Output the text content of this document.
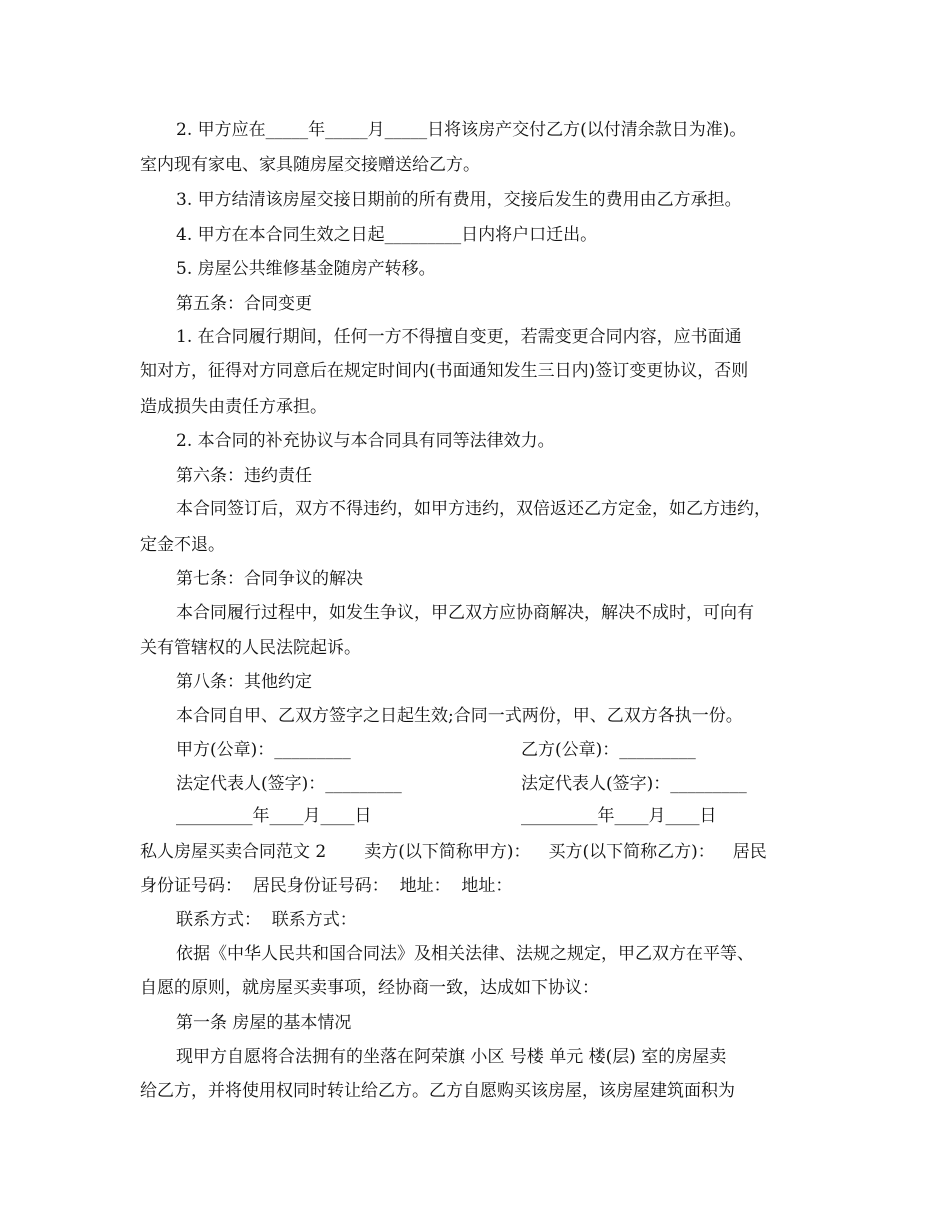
2. 甲方应在_____年_____月_____日将该房产交付乙方(以付清余款日为准)。
室内现有家电、家具随房屋交接赠送给乙方。
3. 甲方结清该房屋交接日期前的所有费用，交接后发生的费用由乙方承担。
4. 甲方在本合同生效之日起_________日内将户口迁出。
5. 房屋公共维修基金随房产转移。
第五条：合同变更
1. 在合同履行期间，任何一方不得擅自变更，若需变更合同内容，应书面通
知对方，征得对方同意后在规定时间内(书面通知发生三日内)签订变更协议，否则
造成损失由责任方承担。
2. 本合同的补充协议与本合同具有同等法律效力。
第六条：违约责任
本合同签订后，双方不得违约，如甲方违约，双倍返还乙方定金，如乙方违约，
定金不退。
第七条：合同争议的解决
本合同履行过程中，如发生争议，甲乙双方应协商解决，解决不成时，可向有
关有管辖权的人民法院起诉。
第八条：其他约定
本合同自甲、乙双方签字之日起生效;合同一式两份，甲、乙双方各执一份。
甲方(公章)：_________	乙方(公章)：_________
法定代表人(签字)：_________	法定代表人(签字)：_________
_________年____月____日	_________年____月____日
私人房屋买卖合同范文 2 卖方(以下简称甲方)： 买方(以下简称乙方)： 居民
身份证号码：  居民身份证号码：  地址：  地址：
联系方式：  联系方式：
依据《中华人民共和国合同法》及相关法律、法规之规定，甲乙双方在平等、
自愿的原则，就房屋买卖事项，经协商一致，达成如下协议：
第一条 房屋的基本情况
现甲方自愿将合法拥有的坐落在阿荣旗 小区 号楼 单元 楼(层) 室的房屋卖
给乙方，并将使用权同时转让给乙方。乙方自愿购买该房屋，该房屋建筑面积为
